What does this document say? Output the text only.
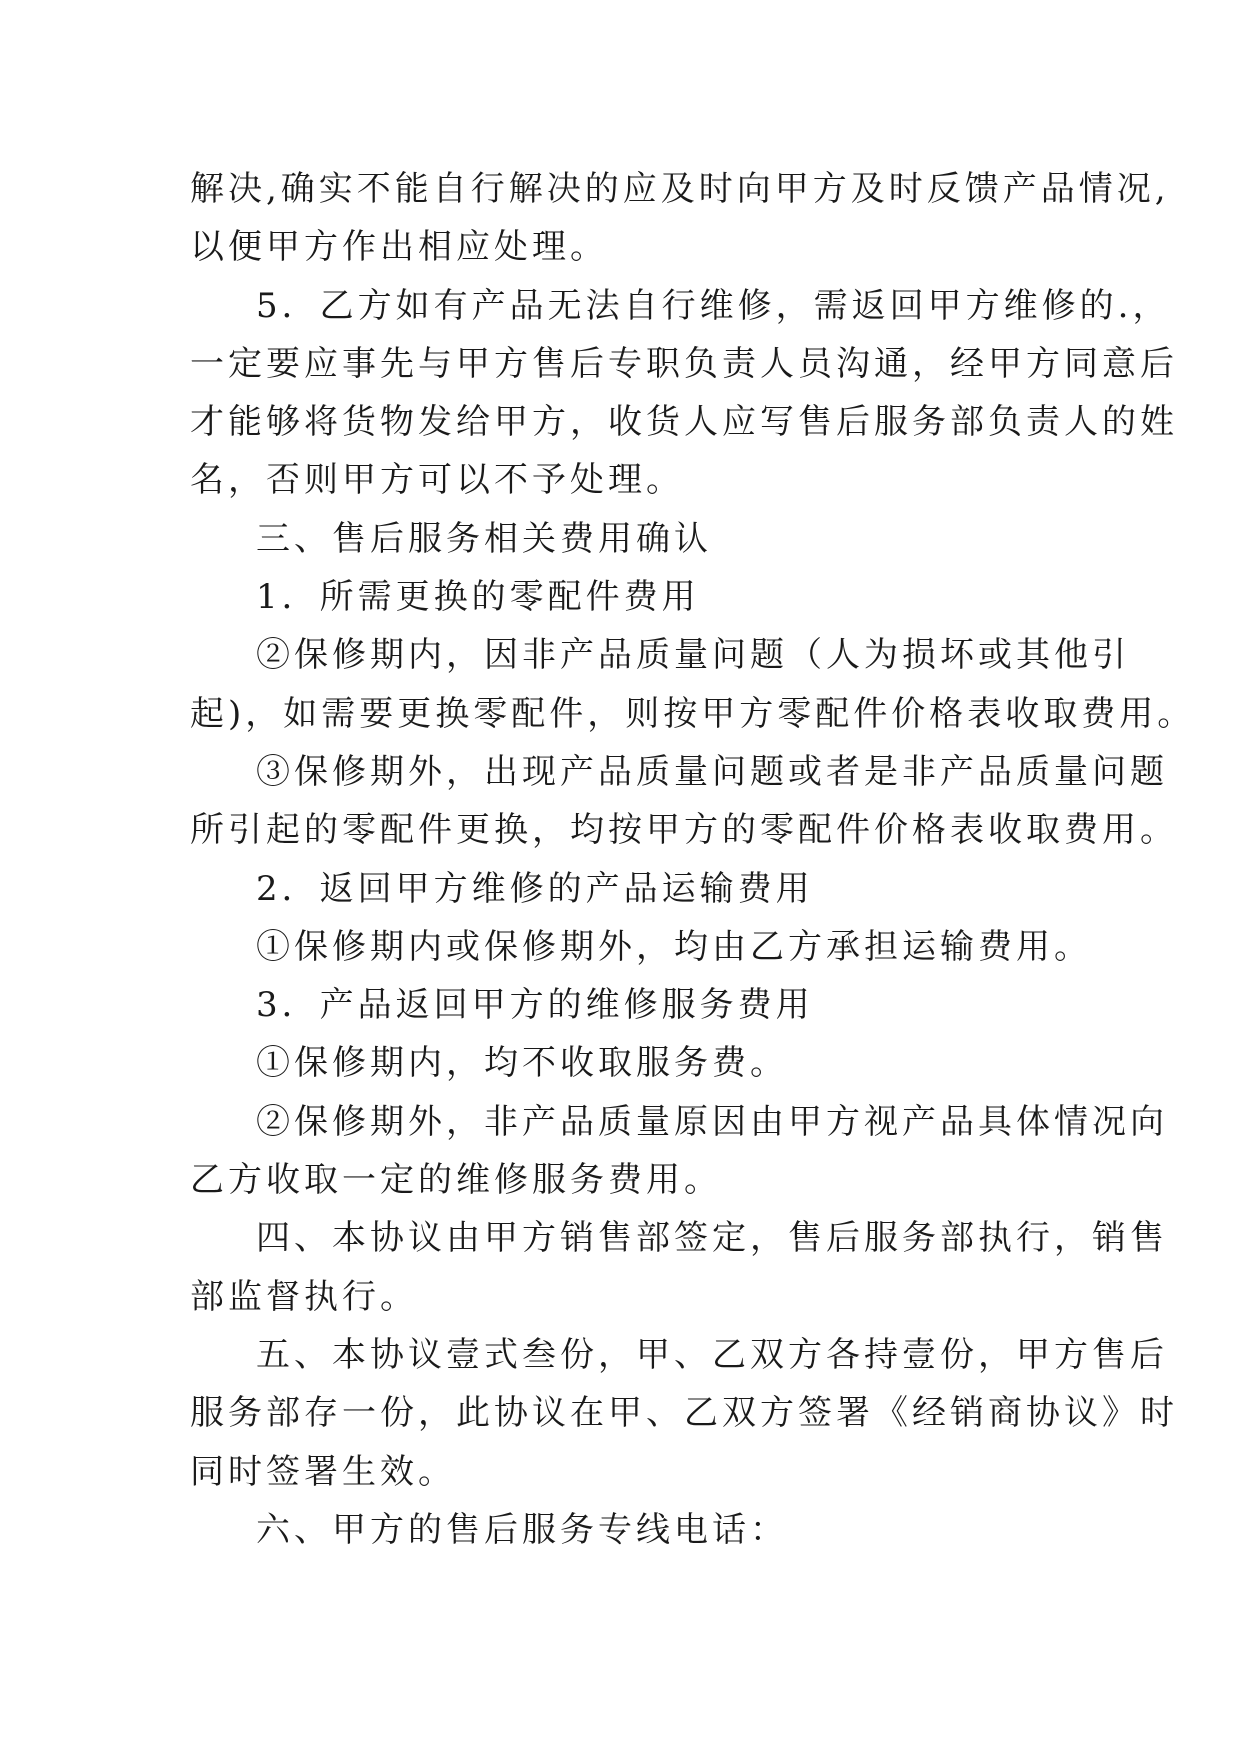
解决,确实不能自行解决的应及时向甲方及时反馈产品情况,
以便甲方作出相应处理。
5．乙方如有产品无法自行维修，需返回甲方维修的.，
一定要应事先与甲方售后专职负责人员沟通，经甲方同意后
才能够将货物发给甲方，收货人应写售后服务部负责人的姓
名，否则甲方可以不予处理。
三、售后服务相关费用确认
1．所需更换的零配件费用
②保修期内，因非产品质量问题（人为损坏或其他引
起)，如需要更换零配件，则按甲方零配件价格表收取费用。
③保修期外，出现产品质量问题或者是非产品质量问题
所引起的零配件更换，均按甲方的零配件价格表收取费用。
2．返回甲方维修的产品运输费用
①保修期内或保修期外，均由乙方承担运输费用。
3．产品返回甲方的维修服务费用
①保修期内，均不收取服务费。
②保修期外，非产品质量原因由甲方视产品具体情况向
乙方收取一定的维修服务费用。
四、本协议由甲方销售部签定，售后服务部执行，销售
部监督执行。
五、本协议壹式叁份，甲、乙双方各持壹份，甲方售后
服务部存一份，此协议在甲、乙双方签署《经销商协议》时
同时签署生效。
六、甲方的售后服务专线电话：
